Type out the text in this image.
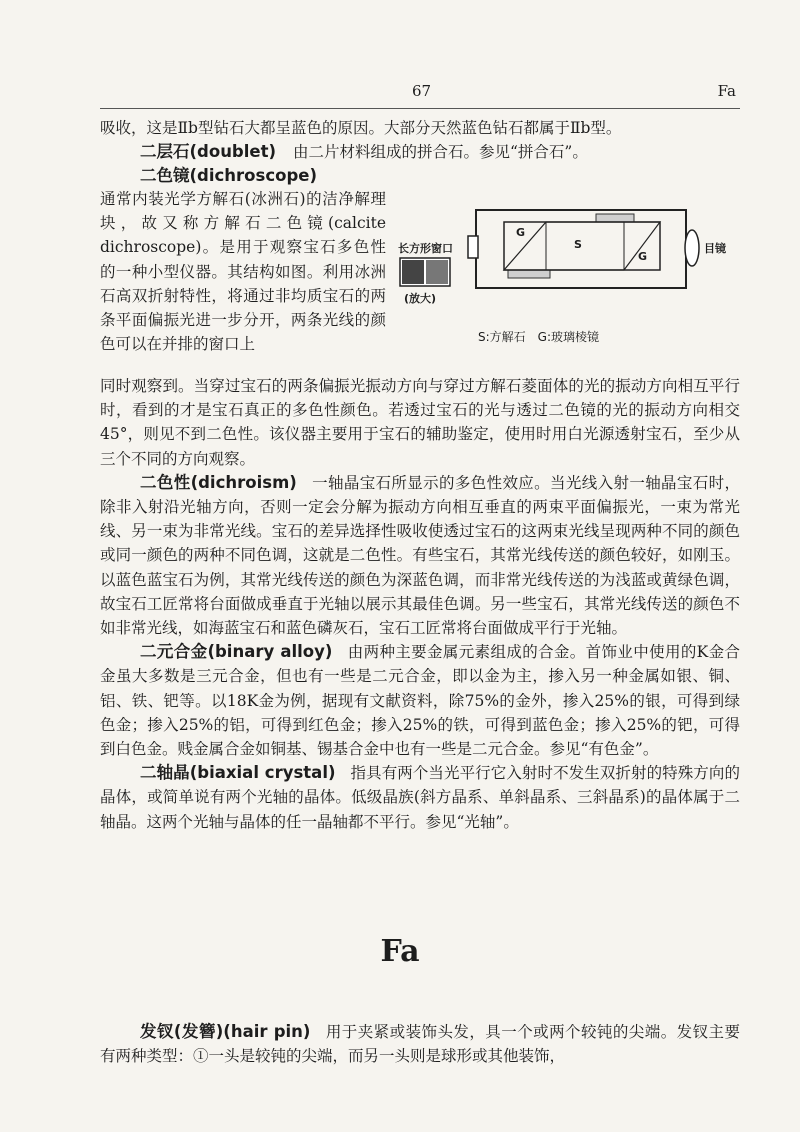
67	Fa

吸收，这是Ⅱb型钻石大都呈蓝色的原因。大部分天然蓝色钻石都属于Ⅱb型。

二层石(doublet) 由二片材料组成的拼合石。参见“拼合石”。

二色镜(dichroscope)

通常内装光学方解石(冰洲石)的洁净解理块，故又称方解石二色镜(calcite dichroscope)。是用于观察宝石多色性的一种小型仪器。其结构如图。利用冰洲石高双折射特性，将通过非均质宝石的两条平面偏振光进一步分开，两条光线的颜色可以在并排的窗口上
长方形窗口
(放大)
目镜
G
S
G
S:方解石　G:玻璃棱镜

同时观察到。当穿过宝石的两条偏振光振动方向与穿过方解石菱面体的光的振动方向相互平行时，看到的才是宝石真正的多色性颜色。若透过宝石的光与透过二色镜的光的振动方向相交45°，则见不到二色性。该仪器主要用于宝石的辅助鉴定，使用时用白光源透射宝石，至少从三个不同的方向观察。

二色性(dichroism) 一轴晶宝石所显示的多色性效应。当光线入射一轴晶宝石时，除非入射沿光轴方向，否则一定会分解为振动方向相互垂直的两束平面偏振光，一束为常光线、另一束为非常光线。宝石的差异选择性吸收使透过宝石的这两束光线呈现两种不同的颜色或同一颜色的两种不同色调，这就是二色性。有些宝石，其常光线传送的颜色较好，如刚玉。以蓝色蓝宝石为例，其常光线传送的颜色为深蓝色调，而非常光线传送的为浅蓝或黄绿色调，故宝石工匠常将台面做成垂直于光轴以展示其最佳色调。另一些宝石，其常光线传送的颜色不如非常光线，如海蓝宝石和蓝色磷灰石，宝石工匠常将台面做成平行于光轴。

二元合金(binary alloy) 由两种主要金属元素组成的合金。首饰业中使用的K金合金虽大多数是三元合金，但也有一些是二元合金，即以金为主，掺入另一种金属如银、铜、铝、铁、钯等。以18K金为例，据现有文献资料，除75%的金外，掺入25%的银，可得到绿色金；掺入25%的铝，可得到红色金；掺入25%的铁，可得到蓝色金；掺入25%的钯，可得到白色金。贱金属合金如铜基、锡基合金中也有一些是二元合金。参见“有色金”。

二轴晶(biaxial crystal) 指具有两个当光平行它入射时不发生双折射的特殊方向的晶体，或简单说有两个光轴的晶体。低级晶族(斜方晶系、单斜晶系、三斜晶系)的晶体属于二轴晶。这两个光轴与晶体的任一晶轴都不平行。参见“光轴”。

Fa

发钗(发簪)(hair pin) 用于夹紧或装饰头发，具一个或两个较钝的尖端。发钗主要有两种类型：①一头是较钝的尖端，而另一头则是球形或其他装饰，
